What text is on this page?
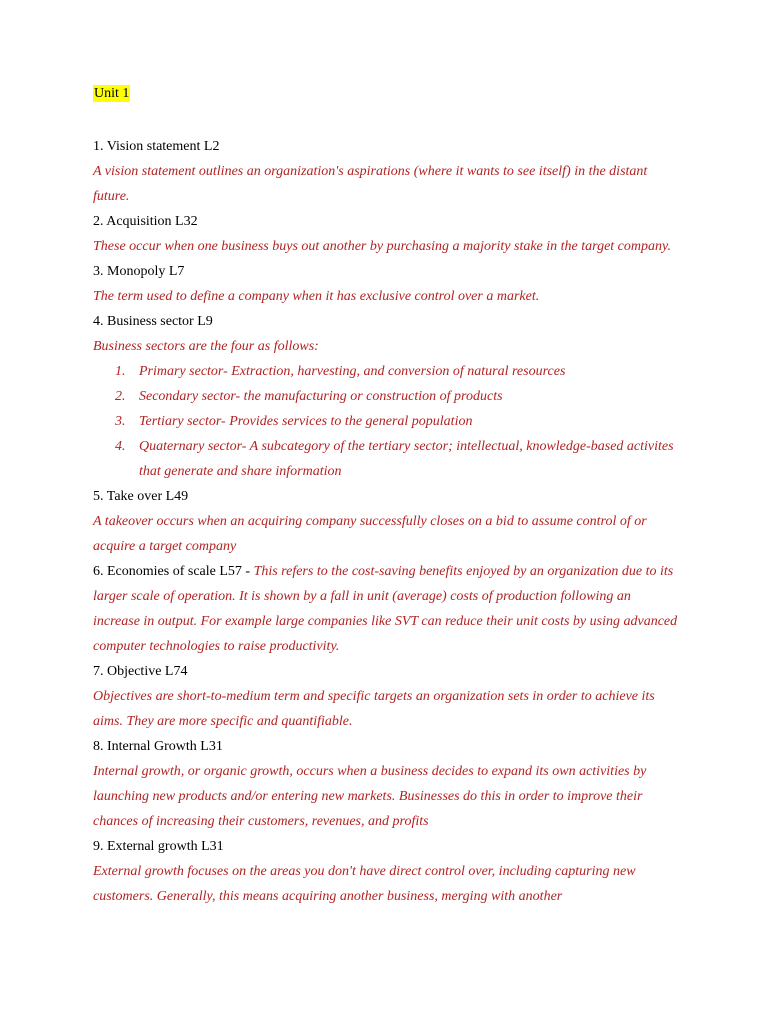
Unit 1
1. Vision statement L2
A vision statement outlines an organization's aspirations (where it wants to see itself) in the distant future.
2. Acquisition L32
These occur when one business buys out another by purchasing a majority stake in the target company.
3. Monopoly L7
The term used to define a company when it has exclusive control over a market.
4. Business sector L9
Business sectors are the four as follows:
1. Primary sector- Extraction, harvesting, and conversion of natural resources
2. Secondary sector- the manufacturing or construction of products
3. Tertiary sector- Provides services to the general population
4. Quaternary sector- A subcategory of the tertiary sector; intellectual, knowledge-based activites that generate and share information
5. Take over L49
A takeover occurs when an acquiring company successfully closes on a bid to assume control of or acquire a target company
6. Economies of scale L57 - This refers to the cost-saving benefits enjoyed by an organization due to its larger scale of operation. It is shown by a fall in unit (average) costs of production following an increase in output. For example large companies like SVT can reduce their unit costs by using advanced computer technologies to raise productivity.
7. Objective L74
Objectives are short-to-medium term and specific targets an organization sets in order to achieve its aims. They are more specific and quantifiable.
8. Internal Growth L31
Internal growth, or organic growth, occurs when a business decides to expand its own activities by launching new products and/or entering new markets. Businesses do this in order to improve their chances of increasing their customers, revenues, and profits
9. External growth L31
External growth focuses on the areas you don't have direct control over, including capturing new customers. Generally, this means acquiring another business, merging with another
